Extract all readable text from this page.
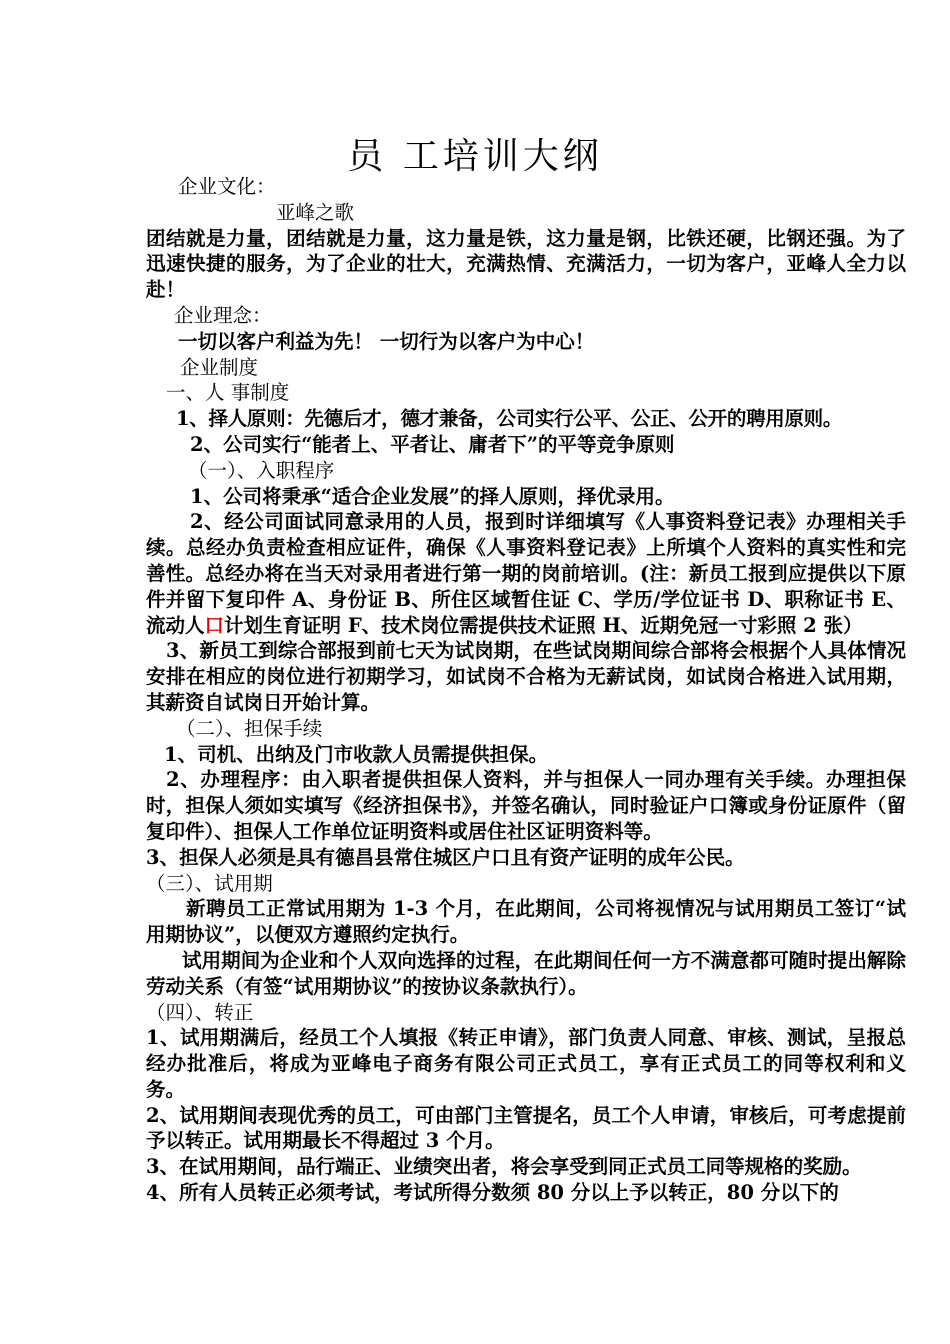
员 工培训大纲

企业文化：

亚峰之歌

团结就是力量，团结就是力量，这力量是铁，这力量是钢，比铁还硬，比钢还强。为了迅速快捷的服务，为了企业的壮大，充满热情、充满活力，一切为客户，亚峰人全力以赴！

企业理念：

一切以客户利益为先！ 一切行为以客户为中心！

企业制度

一、人 事制度

1、择人原则：先德后才，德才兼备，公司实行公平、公正、公开的聘用原则。

2、公司实行“能者上、平者让、庸者下”的平等竞争原则

（一）、入职程序

1、公司将秉承“适合企业发展”的择人原则，择优录用。

2、经公司面试同意录用的人员，报到时详细填写《人事资料登记表》办理相关手续。总经办负责检查相应证件，确保《人事资料登记表》上所填个人资料的真实性和完善性。总经办将在当天对录用者进行第一期的岗前培训。(注：新员工报到应提供以下原件并留下复印件 A、身份证 B、所住区域暂住证 C、学历/学位证书 D、职称证书 E、流动人口计划生育证明 F、技术岗位需提供技术证照 H、近期免冠一寸彩照 2 张）

3、新员工到综合部报到前七天为试岗期，在些试岗期间综合部将会根据个人具体情况安排在相应的岗位进行初期学习，如试岗不合格为无薪试岗，如试岗合格进入试用期，其薪资自试岗日开始计算。

（二）、担保手续

1、司机、出纳及门市收款人员需提供担保。

2、办理程序：由入职者提供担保人资料，并与担保人一同办理有关手续。办理担保时，担保人须如实填写《经济担保书》，并签名确认，同时验证户口簿或身份证原件（留复印件）、担保人工作单位证明资料或居住社区证明资料等。

3、担保人必须是具有德昌县常住城区户口且有资产证明的成年公民。

（三）、试用期

新聘员工正常试用期为 1-3 个月，在此期间，公司将视情况与试用期员工签订“试用期协议”，以便双方遵照约定执行。

试用期间为企业和个人双向选择的过程，在此期间任何一方不满意都可随时提出解除劳动关系（有签“试用期协议”的按协议条款执行）。

（四）、转正

1、试用期满后，经员工个人填报《转正申请》，部门负责人同意、审核、测试，呈报总经办批准后，将成为亚峰电子商务有限公司正式员工，享有正式员工的同等权利和义务。

2、试用期间表现优秀的员工，可由部门主管提名，员工个人申请，审核后，可考虑提前予以转正。试用期最长不得超过 3 个月。

3、在试用期间，品行端正、业绩突出者，将会享受到同正式员工同等规格的奖励。

4、所有人员转正必须考试，考试所得分数须 80 分以上予以转正，80 分以下的
